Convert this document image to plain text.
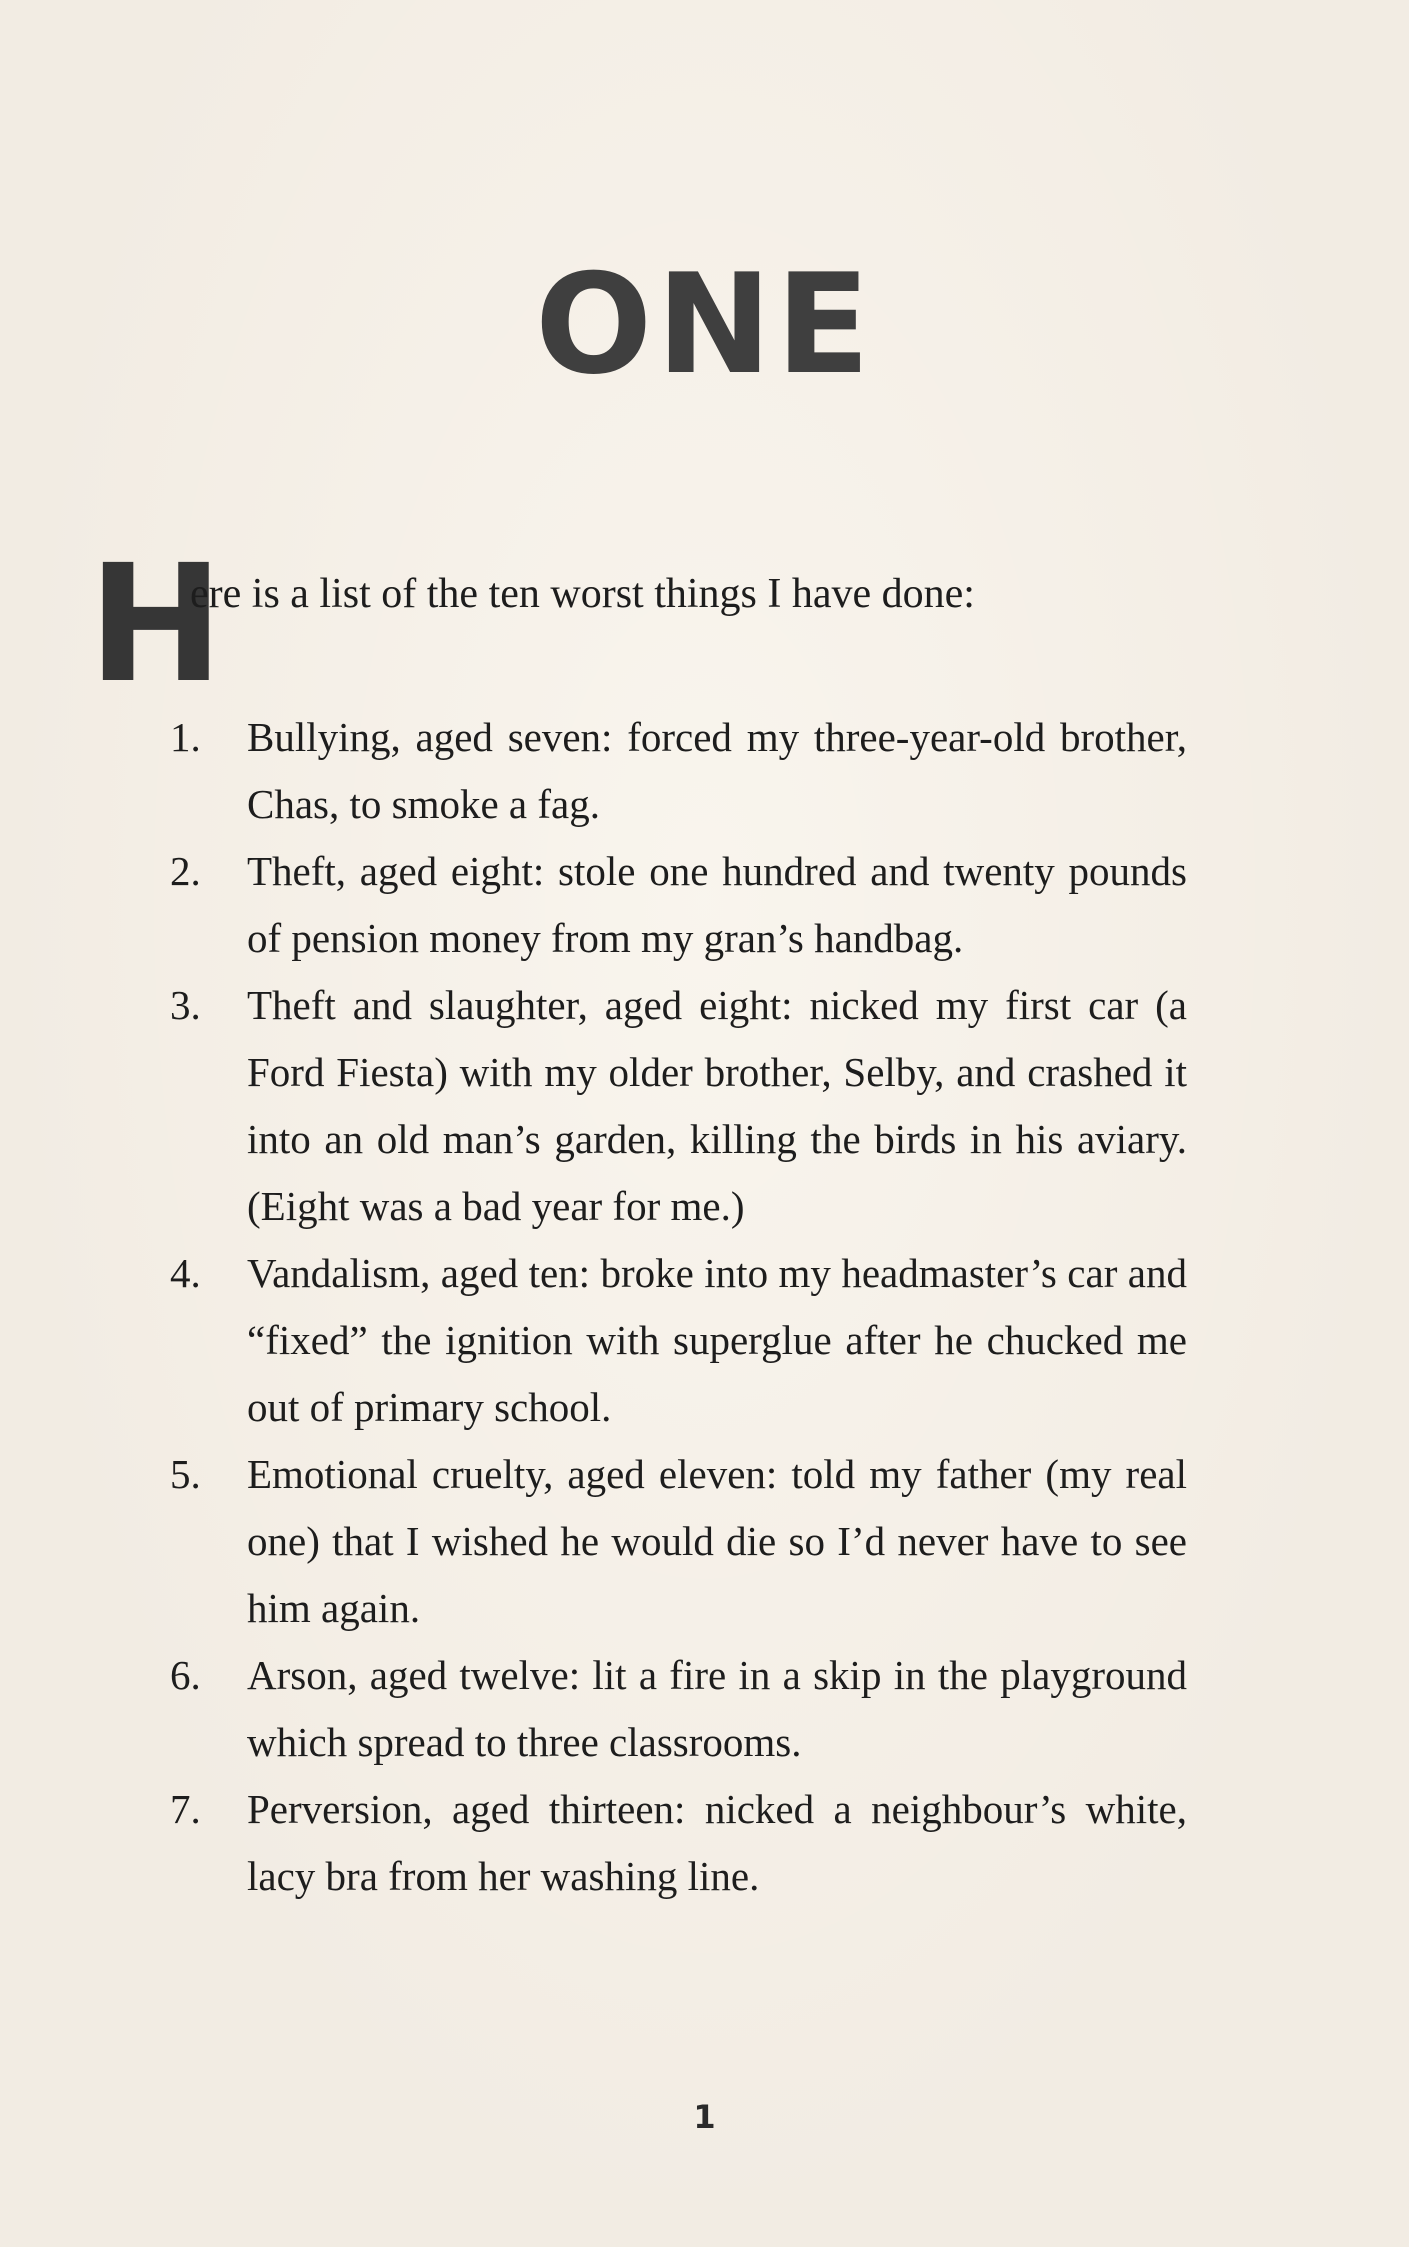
ONE
H
ere is a list of the ten worst things I have done:
1.	Bullying, aged seven: forced my three-year-old brother, Chas, to smoke a fag.
2.	Theft, aged eight: stole one hundred and twenty pounds of pension money from my gran’s handbag.
3.	Theft and slaughter, aged eight: nicked my first car (a Ford Fiesta) with my older brother, Selby, and crashed it into an old man’s garden, killing the birds in his aviary. (Eight was a bad year for me.)
4.	Vandalism, aged ten: broke into my headmaster’s car and “fixed” the ignition with superglue after he chucked me out of primary school.
5.	Emotional cruelty, aged eleven: told my father (my real one) that I wished he would die so I’d never have to see him again.
6.	Arson, aged twelve: lit a fire in a skip in the playground which spread to three classrooms.
7.	Perversion, aged thirteen: nicked a neighbour’s white, lacy bra from her washing line.
1
